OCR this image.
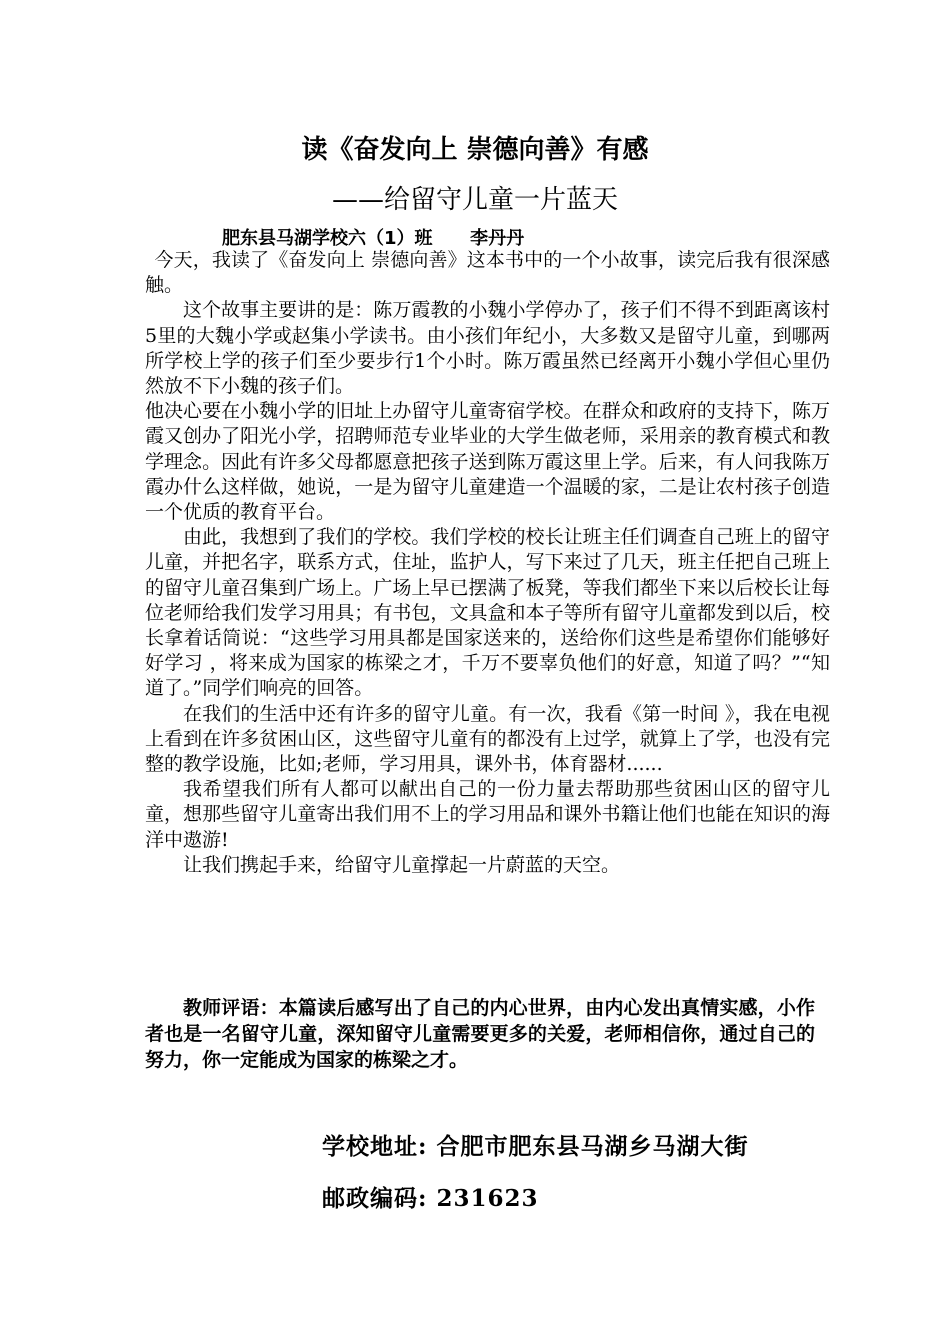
读《奋发向上 崇德向善》有感
——给留守儿童一片蓝天
肥东县马湖学校六（1）班      李丹丹

今天，我读了《奋发向上 崇德向善》这本书中的一个小故事，读完后我有很深感触。

这个故事主要讲的是：陈万霞教的小魏小学停办了，孩子们不得不到距离该村5里的大魏小学或赵集小学读书。由小孩们年纪小，大多数又是留守儿童，到哪两所学校上学的孩子们至少要步行1个小时。陈万霞虽然已经离开小魏小学但心里仍然放不下小魏的孩子们。

他决心要在小魏小学的旧址上办留守儿童寄宿学校。在群众和政府的支持下，陈万霞又创办了阳光小学，招聘师范专业毕业的大学生做老师，采用亲的教育模式和教学理念。因此有许多父母都愿意把孩子送到陈万霞这里上学。后来，有人问我陈万霞办什么这样做，她说，一是为留守儿童建造一个温暖的家，二是让农村孩子创造一个优质的教育平台。

由此，我想到了我们的学校。我们学校的校长让班主任们调查自己班上的留守儿童，并把名字，联系方式，住址，监护人，写下来过了几天，班主任把自己班上的留守儿童召集到广场上。广场上早已摆满了板凳，等我们都坐下来以后校长让每位老师给我们发学习用具；有书包，文具盒和本子等所有留守儿童都发到以后，校长拿着话筒说：“这些学习用具都是国家送来的，送给你们这些是希望你们能够好好学习 ，将来成为国家的栋梁之才，千万不要辜负他们的好意，知道了吗？”“知道了。”同学们响亮的回答。

在我们的生活中还有许多的留守儿童。有一次，我看《第一时间 》，我在电视上看到在许多贫困山区，这些留守儿童有的都没有上过学，就算上了学，也没有完整的教学设施，比如;老师，学习用具，课外书，体育器材......

我希望我们所有人都可以献出自己的一份力量去帮助那些贫困山区的留守儿童，想那些留守儿童寄出我们用不上的学习用品和课外书籍让他们也能在知识的海洋中遨游!

让我们携起手来，给留守儿童撑起一片蔚蓝的天空。

教师评语：本篇读后感写出了自己的内心世界，由内心发出真情实感，小作者也是一名留守儿童，深知留守儿童需要更多的关爱，老师相信你，通过自己的努力，你一定能成为国家的栋梁之才。

学校地址: 合肥市肥东县马湖乡马湖大街
邮政编码: 231623
